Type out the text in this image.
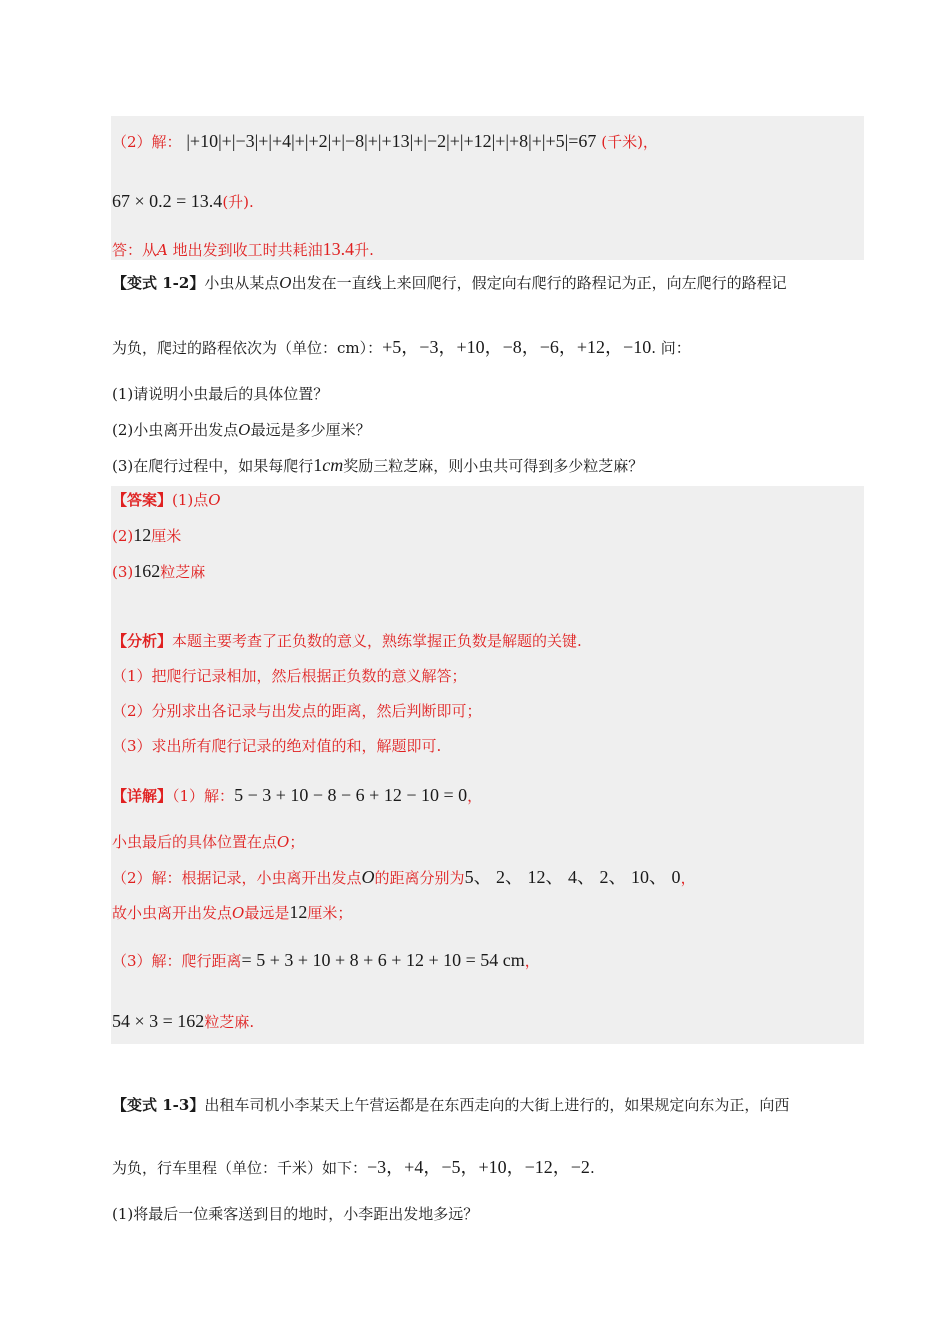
（2）解： |+10|+|−3|+|+4|+|+2|+|−8|+|+13|+|−2|+|+12|+|+8|+|+5|=67 (千米)，
67 × 0.2 = 13.4(升).
答：从A 地出发到收工时共耗油13.4升.
【变式 1-2】小虫从某点O出发在一直线上来回爬行，假定向右爬行的路程记为正，向左爬行的路程记
为负，爬过的路程依次为（单位：cm）：+5，−3，+10，−8，−6，+12，−10. 问：
(1)请说明小虫最后的具体位置？
(2)小虫离开出发点O最远是多少厘米？
(3)在爬行过程中，如果每爬行1cm奖励三粒芝麻，则小虫共可得到多少粒芝麻？
【答案】(1)点O
(2)12厘米
(3)162粒芝麻
【分析】本题主要考查了正负数的意义，熟练掌握正负数是解题的关键.
（1）把爬行记录相加，然后根据正负数的意义解答；
（2）分别求出各记录与出发点的距离，然后判断即可；
（3）求出所有爬行记录的绝对值的和，解题即可.
【详解】（1）解：5 − 3 + 10 − 8 − 6 + 12 − 10 = 0，
小虫最后的具体位置在点O；
（2）解：根据记录，小虫离开出发点O的距离分别为5、 2、 12、 4、 2、 10、 0，
故小虫离开出发点O最远是12厘米；
（3）解：爬行距离= 5 + 3 + 10 + 8 + 6 + 12 + 10 = 54 cm，
54 × 3 = 162粒芝麻.
【变式 1-3】出租车司机小李某天上午营运都是在东西走向的大街上进行的，如果规定向东为正，向西
为负，行车里程（单位：千米）如下：−3，+4，−5，+10，−12，−2.
(1)将最后一位乘客送到目的地时，小李距出发地多远？
